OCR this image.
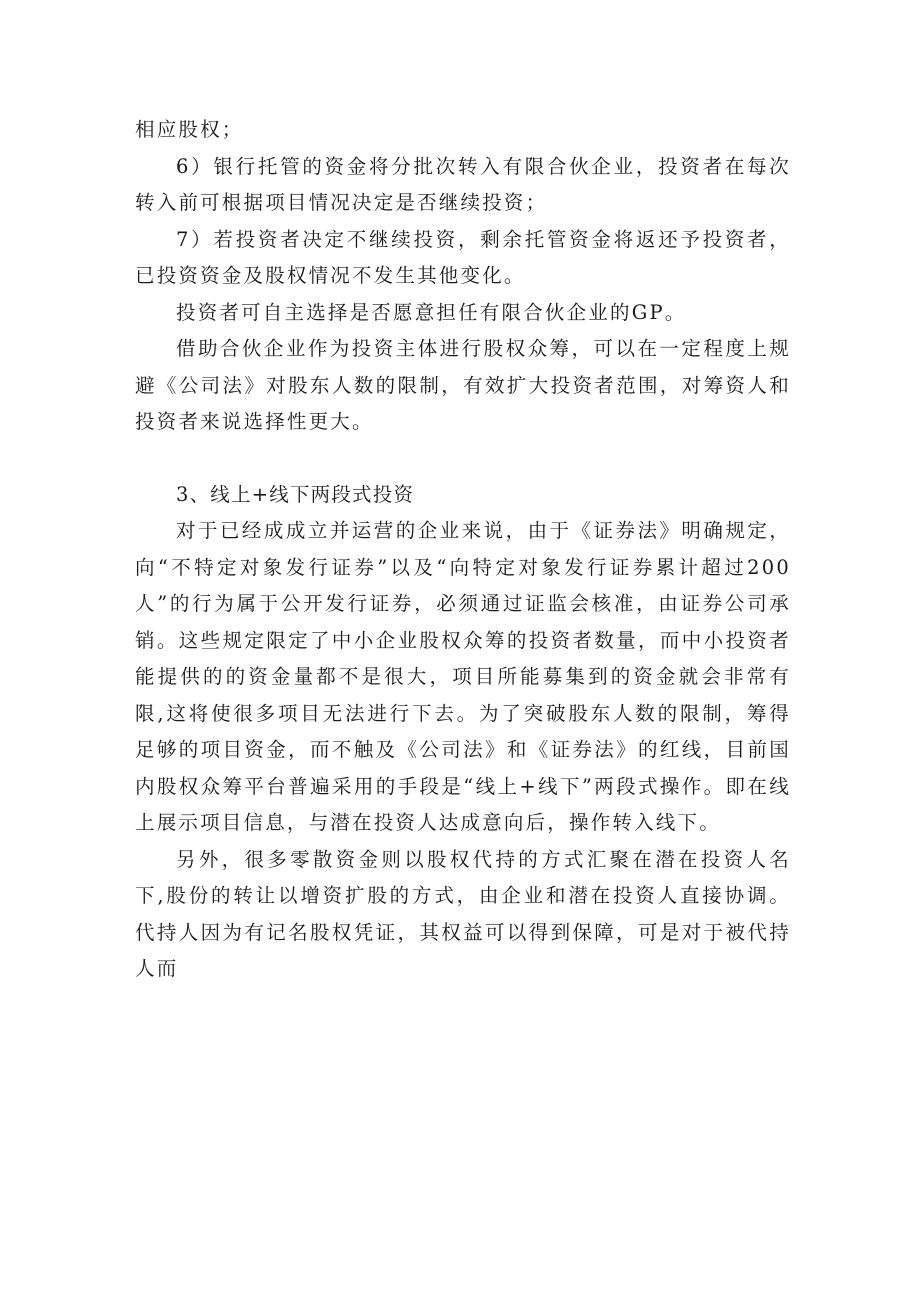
相应股权；

6）银行托管的资金将分批次转入有限合伙企业，投资者在每次转入前可根据项目情况决定是否继续投资；

7）若投资者决定不继续投资，剩余托管资金将返还予投资者，已投资资金及股权情况不发生其他变化。

投资者可自主选择是否愿意担任有限合伙企业的GP。

借助合伙企业作为投资主体进行股权众筹，可以在一定程度上规避《公司法》对股东人数的限制，有效扩大投资者范围，对筹资人和投资者来说选择性更大。

3、线上+线下两段式投资

对于已经成成立并运营的企业来说，由于《证券法》明确规定，向“不特定对象发行证券”以及“向特定对象发行证券累计超过200人”的行为属于公开发行证券，必须通过证监会核准，由证券公司承销。这些规定限定了中小企业股权众筹的投资者数量，而中小投资者能提供的的资金量都不是很大，项目所能募集到的资金就会非常有限,这将使很多项目无法进行下去。为了突破股东人数的限制，筹得足够的项目资金，而不触及《公司法》和《证券法》的红线，目前国内股权众筹平台普遍采用的手段是“线上+线下”两段式操作。即在线上展示项目信息，与潜在投资人达成意向后，操作转入线下。

另外，很多零散资金则以股权代持的方式汇聚在潜在投资人名下,股份的转让以增资扩股的方式，由企业和潜在投资人直接协调。代持人因为有记名股权凭证，其权益可以得到保障，可是对于被代持人而
